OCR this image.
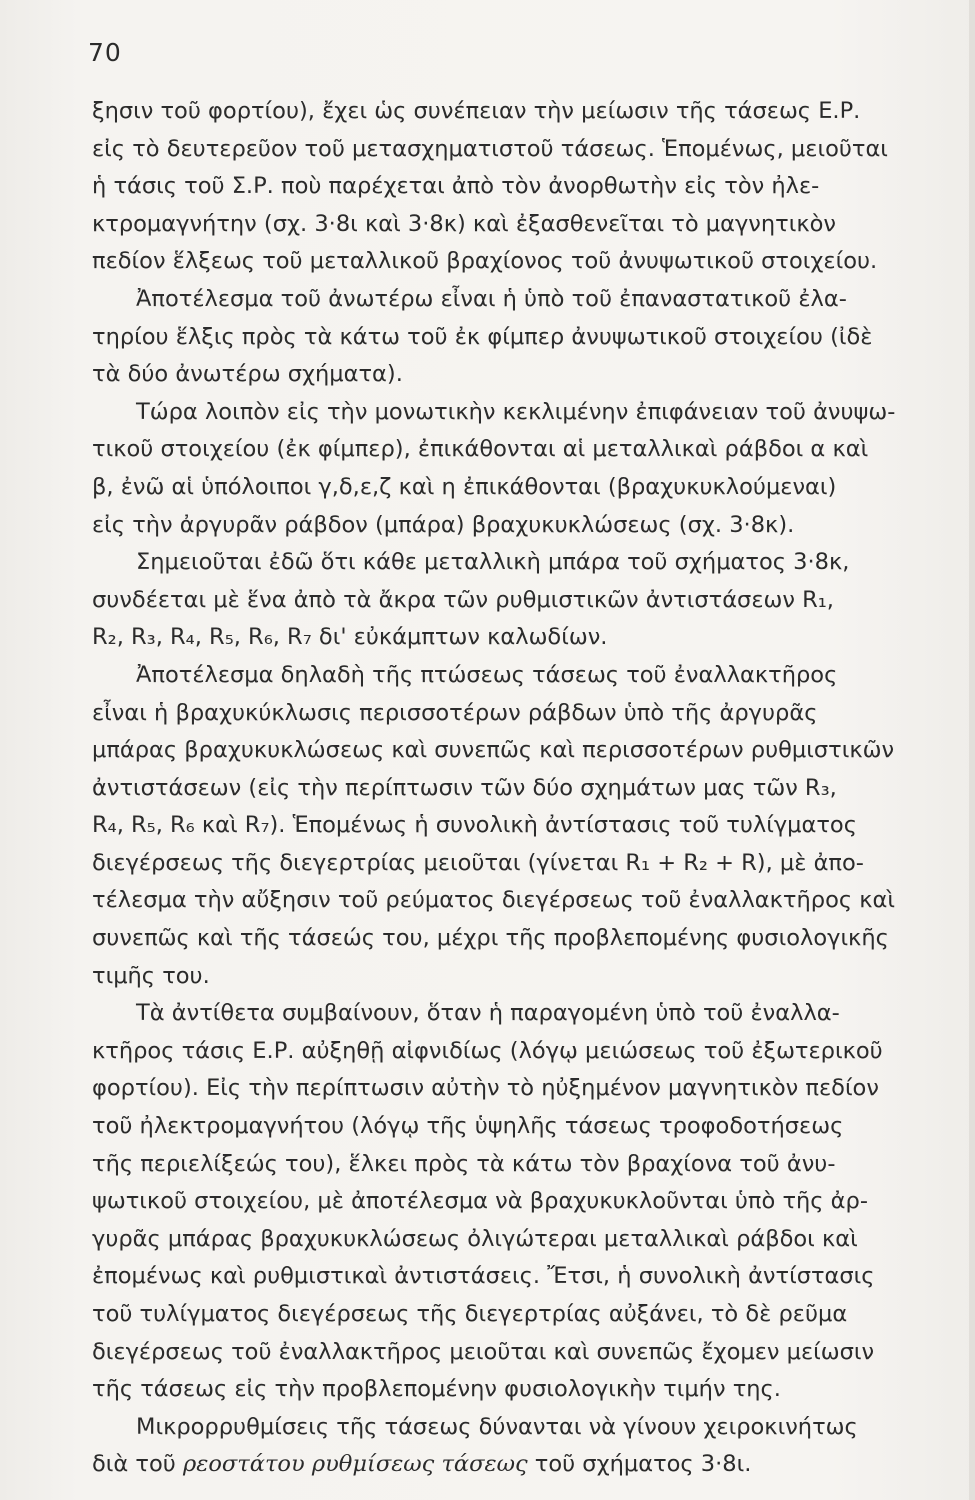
70
ξησιν τοῦ φορτίου), ἔχει ὡς συνέπειαν τὴν μείωσιν τῆς τάσεως Ε.Ρ.
εἰς τὸ δευτερεῦον τοῦ μετασχηματιστοῦ τάσεως. Ἑπομένως, μειοῦται
ἡ τάσις τοῦ Σ.Ρ. ποὺ παρέχεται ἀπὸ τὸν ἀνορθωτὴν εἰς τὸν ἠλε-
κτρομαγνήτην (σχ. 3·8ι καὶ 3·8κ) καὶ ἐξασθενεῖται τὸ μαγνητικὸν
πεδίον ἕλξεως τοῦ μεταλλικοῦ βραχίονος τοῦ ἀνυψωτικοῦ στοιχείου.
Ἀποτέλεσμα τοῦ ἀνωτέρω εἶναι ἡ ὑπὸ τοῦ ἐπαναστατικοῦ ἐλα-
τηρίου ἕλξις πρὸς τὰ κάτω τοῦ ἐκ φίμπερ ἀνυψωτικοῦ στοιχείου (ἰδὲ
τὰ δύο ἀνωτέρω σχήματα).
Τώρα λοιπὸν εἰς τὴν μονωτικὴν κεκλιμένην ἐπιφάνειαν τοῦ ἀνυψω-
τικοῦ στοιχείου (ἐκ φίμπερ), ἐπικάθονται αἱ μεταλλικαὶ ράβδοι α καὶ
β, ἐνῶ αἱ ὑπόλοιποι γ,δ,ε,ζ καὶ η ἐπικάθονται (βραχυκυκλούμεναι)
εἰς τὴν ἀργυρᾶν ράβδον (μπάρα) βραχυκυκλώσεως (σχ. 3·8κ).
Σημειοῦται ἐδῶ ὅτι κάθε μεταλλικὴ μπάρα τοῦ σχήματος 3·8κ,
συνδέεται μὲ ἕνα ἀπὸ τὰ ἄκρα τῶν ρυθμιστικῶν ἀντιστάσεων R₁,
R₂, R₃, R₄, R₅, R₆, R₇ δι' εὐκάμπτων καλωδίων.
Ἀποτέλεσμα δηλαδὴ τῆς πτώσεως τάσεως τοῦ ἐναλλακτῆρος
εἶναι ἡ βραχυκύκλωσις περισσοτέρων ράβδων ὑπὸ τῆς ἀργυρᾶς
μπάρας βραχυκυκλώσεως καὶ συνεπῶς καὶ περισσοτέρων ρυθμιστικῶν
ἀντιστάσεων (εἰς τὴν περίπτωσιν τῶν δύο σχημάτων μας τῶν R₃,
R₄, R₅, R₆ καὶ R₇). Ἑπομένως ἡ συνολικὴ ἀντίστασις τοῦ τυλίγματος
διεγέρσεως τῆς διεγερτρίας μειοῦται (γίνεται R₁ + R₂ + R), μὲ ἀπο-
τέλεσμα τὴν αὔξησιν τοῦ ρεύματος διεγέρσεως τοῦ ἐναλλακτῆρος καὶ
συνεπῶς καὶ τῆς τάσεώς του, μέχρι τῆς προβλεπομένης φυσιολογικῆς
τιμῆς του.
Τὰ ἀντίθετα συμβαίνουν, ὅταν ἡ παραγομένη ὑπὸ τοῦ ἐναλλα-
κτῆρος τάσις Ε.Ρ. αὐξηθῇ αἰφνιδίως (λόγῳ μειώσεως τοῦ ἐξωτερικοῦ
φορτίου). Εἰς τὴν περίπτωσιν αὐτὴν τὸ ηὐξημένον μαγνητικὸν πεδίον
τοῦ ἠλεκτρομαγνήτου (λόγῳ τῆς ὑψηλῆς τάσεως τροφοδοτήσεως
τῆς περιελίξεώς του), ἕλκει πρὸς τὰ κάτω τὸν βραχίονα τοῦ ἀνυ-
ψωτικοῦ στοιχείου, μὲ ἀποτέλεσμα νὰ βραχυκυκλοῦνται ὑπὸ τῆς ἀρ-
γυρᾶς μπάρας βραχυκυκλώσεως ὀλιγώτεραι μεταλλικαὶ ράβδοι καὶ
ἐπομένως καὶ ρυθμιστικαὶ ἀντιστάσεις. Ἔτσι, ἡ συνολικὴ ἀντίστασις
τοῦ τυλίγματος διεγέρσεως τῆς διεγερτρίας αὐξάνει, τὸ δὲ ρεῦμα
διεγέρσεως τοῦ ἐναλλακτῆρος μειοῦται καὶ συνεπῶς ἔχομεν μείωσιν
τῆς τάσεως εἰς τὴν προβλεπομένην φυσιολογικὴν τιμήν της.
Μικρορρυθμίσεις τῆς τάσεως δύνανται νὰ γίνουν χειροκινήτως
διὰ τοῦ ρεοστάτου ρυθμίσεως τάσεως τοῦ σχήματος 3·8ι.
